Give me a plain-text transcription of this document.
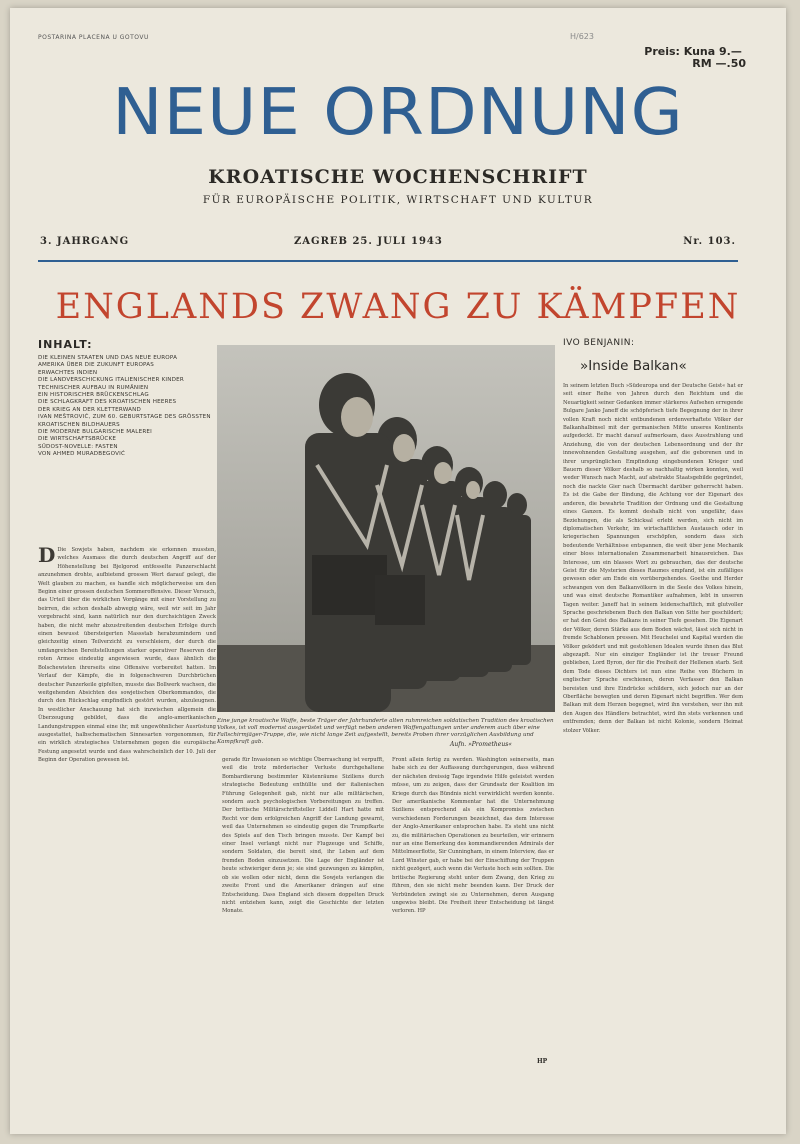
POSTARINA PLACENA U GOTOVU	H/623
Preis: Kuna 9.—
RM —.50
NEUE ORDNUNG
KROATISCHE WOCHENSCHRIFT
FÜR EUROPÄISCHE POLITIK, WIRTSCHAFT UND KULTUR
3. JAHRGANG	ZAGREB 25. JULI 1943	Nr. 103.
ENGLANDS ZWANG ZU KÄMPFEN
INHALT:
DIE KLEINEN STAATEN UND DAS NEUE EUROPA
AMERIKA ÜBER DIE ZUKUNFT EUROPAS
ERWACHTES INDIEN
DIE LANDVERSCHICKUNG ITALIENISCHER KINDER
TECHNISCHER AUFBAU IN RUMÄNIEN
EIN HISTORISCHER BRÜCKENSCHLAG
DIE SCHLAGKRAFT DES KROATISCHEN HEERES
DER KRIEG AN DER KLETTERWAND
IVAN MEŠTROVIĆ, ZUM 60. GEBURTSTAGE DES GRÖSSTEN KROATISCHEN BILDHAUERS
DIE MODERNE BULGARISCHE MALEREI
DIE WIRTSCHAFTSBRÜCKE
SÜDOST-NOVELLE: FASTEN
VON AHMED MURADBEGOVIĆ
D Die Sowjets haben, nachdem sie erkennen mussten, welches Ausmass die durch deutschen Angriff auf der Höhenstellung bei Bjelgorod entfesselte Panzerschlacht anzunehmen drohte, aufbietend grossen Wert darauf gelegt, die Welt glauben zu machen, es handle sich möglicherweise um den Beginn einer grossen deutschen Sommeroffensive. Dieser Versuch, das Urteil über die wirklichen Vorgänge mit einer Vorstellung zu beirren, die schon deshalb abwegig wäre, weil wir seit im Jahr vorgebracht sind, kann natürlich nur den durchsichtigen Zweck haben, die nicht mehr abzustreitenden deutschen Erfolge durch einen bewusst übersteigerten Massstab herabzumindern und gleichzeitig einen Teilverzicht zu verschleiern, der durch die umfangreichen Bereitstellungen starker operativer Reserven der roten Armee eindeutig angewiesen wurde, dass ähnlich die Bolschewisten ihrerseits eine Offensive vorbereitet hatten. Im Verlauf der Kämpfe, die in folgenschweren Durchbrüchen deutscher Panzerkeile gipfelten, musste das Bollwerk wachsen, die weitgehenden Absichten des sowjetischen Oberkommandos, die durch den Rückschlag empfindlich gestört wurden, abzuleugnen. In westlicher Anschauung hat sich inzwischen allgemein die Überzeugung gebildet, dass die anglo-amerikanischen Landungstruppen einmal eine ihr, mit ungewöhnlicher Ausrüstung ausgestattet, halbschematischen Sinnesarten vorgenommen, für ein wirklich strategisches Unternehmen gegen die europäische Festung angesetzt wurde und dass wahrscheinlich der 10. Juli der Beginn der Operation gewesen ist.
Eine junge kroatische Waffe, beste Träger der Jahrhunderte alten ruhmreichen soldatischen Tradition des kroatischen Volkes, ist voll modernst ausgerüstet und verfügt neben anderen Waffengattungen unter anderem auch über eine Fallschirmjäger-Truppe, die, wie nicht lange Zeit aufgestellt, bereits Proben ihrer vorzüglichen Ausbildung und Kampfkraft gab.	Aufn. »Prometheus«
IVO BENJANIN:
»Inside Balkan«
In seinem letzten Buch »Südeuropa und der Deutsche Geist« hat er seit einer Reihe von Jahren durch den Reichtum und die Neuartigkeit seiner Gedanken immer stärkeres Aufsehen erregende Bulgare Janko Janeff die schöpferisch tiefe Begegnung der in ihrer vollen Kraft noch nicht entbundenen erdenverhaftete Völker der Balkanhalbinsel mit der germanischen Mitte unseres Kontinents aufgedeckt. Er macht darauf aufmerksam, dass Ausstrahlung und Anziehung, die von der deutschen Lebensordnung und der ihr innewohnenden Gestaltung ausgehen, auf die geborenen und in ihrer ursprünglichen Empfindung eingebundenen Krieger und Bauern dieser Völker deshalb so nachhaltig wirken konnten, weil weder Wunsch nach Macht, auf abstrakte Staatsgebilde gegründet, noch die nackte Gier nach Übermacht darüber geherrscht haben. Es ist die Gabe der Bindung, die Achtung vor der Eigenart des anderen, die bewahrte Tradition der Ordnung und die Gestaltung eines Ganzen. Es kommt deshalb nicht von ungefähr, dass Beziehungen, die als Schicksal erlebt werden, sich nicht im diplomatischen Verkehr, im wirtschaftlichen Austausch oder in kriegerischen Spannungen erschöpfen, sondern dass sich bedeutende Verhältnisse entspannen, die weit über jene Mechanik einer bloss internationalen Zusammenarbeit hinausreichen. Das Interesse, um ein blasses Wort zu gebrauchen, das der deutsche Geist für die Mysterien dieses Raumes empfand, ist ein zufälliges gewesen oder am Ende ein vorübergehendes. Goethe und Herder schwangen von den Balkanvölkern in die Seele des Volkes hinein, und was einst deutsche Romantiker aufnahmen, lebt in unseren Tagen weiter. Janeff hat in seinem leidenschaftlich, mit glutvoller Sprache geschriebenen Buch den Balkan von Sitte her geschildert; er hat den Geist des Balkans in seiner Tiefe gesehen. Die Eigenart der Völker, deren Stärke aus dem Boden wächst, lässt sich nicht in fremde Schablonen pressen. Mit Heuchelei und Kapital wurden die Völker geködert und mit gestohlenen Idealen wurde ihnen das Blut abgezapft. Nur ein einziger Engländer ist ihr treuer Freund geblieben, Lord Byron, der für die Freiheit der Hellenen starb. Seit dem Tode dieses Dichters ist nun eine Reihe von Büchern in englischer Sprache erschienen, deren Verfasser den Balkan bereisten und ihre Eindrücke schildern, sich jedoch nur an der Oberfläche bewegten und deren Eigenart nicht begriffen. Wer dem Balkan mit dem Herzen begegnet, wird ihn verstehen, wer ihn mit den Augen des Händlers betrachtet, wird ihn stets verkennen und entfremden; denn der Balkan ist nicht Kolonie, sondern Heimat stolzer Völker.
gerade für Invasionen so wichtige Überraschung ist verpufft, weil die trotz mörderischer Verluste durchgehaltene Bombardierung bestimmter Küstenräume Siziliens durch strategische Bedeutung enthüllte und der italienischen Führung Gelegenheit gab, nicht nur alle militärischen, sondern auch psychologischen Vorbereitungen zu treffen. Der britische Militärschriftsteller Liddell Hart hatte mit Recht vor dem erfolgreichen Angriff der Landung gewarnt, weil das Unternehmen so eindeutig gegen die Trumpfkarte des Spiels auf den Tisch bringen musste. Der Kampf bei einer Insel verlangt nicht nur Flugzeuge und Schiffe, sondern Soldaten, die bereit sind, ihr Leben auf dem fremden Boden einzusetzen. Die Lage der Engländer ist heute schwieriger denn je; sie sind gezwungen zu kämpfen, ob sie wollen oder nicht, denn die Sowjets verlangen die zweite Front und die Amerikaner drängen auf eine Entscheidung. Dass England sich diesem doppelten Druck nicht entziehen kann, zeigt die Geschichte der letzten Monate.
Front allein fertig zu werden. Washington seinerseits, man habe sich zu der Auffassung durchgerungen, dass während der nächsten dreissig Tage irgendwie Hilfe geleistet werden müsse, um zu zeigen, dass der Grundsatz der Koalition im Kriege durch das Bündnis nicht verwirklicht werden konnte. Der amerikanische Kommentar hat die Unternehmung Siziliens entsprechend als ein Kompromiss zwischen verschiedenen Forderungen bezeichnet, das dem Interesse der Anglo-Amerikaner entsprochen habe. Es steht uns nicht zu, die militärischen Operationen zu beurteilen, wir erinnern nur an eine Bemerkung des kommandierenden Admirals der Mittelmeerflotte, Sir Cunningham, in einem Interview, das er Lord Winster gab, er habe bei der Einschiffung der Truppen nicht gezögert, auch wenn die Verluste hoch sein sollten. Die britische Regierung steht unter dem Zwang, den Krieg zu führen, den sie nicht mehr beenden kann. Der Druck der Verbündeten zwingt sie zu Unternehmen, deren Ausgang ungewiss bleibt. Die Freiheit ihrer Entscheidung ist längst verloren. HP
HP
